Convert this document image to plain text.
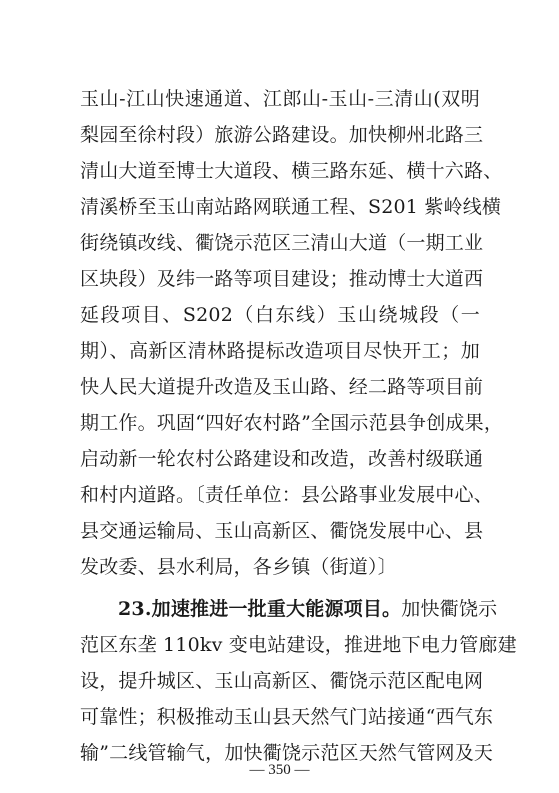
玉山-江山快速通道、江郎山-玉山-三清山(双明
梨园至徐村段）旅游公路建设。加快柳州北路三
清山大道至博士大道段、横三路东延、横十六路、
清溪桥至玉山南站路网联通工程、S201 紫岭线横
街绕镇改线、衢饶示范区三清山大道（一期工业
区块段）及纬一路等项目建设；推动博士大道西
延段项目、S202（白东线）玉山绕城段（一
期）、高新区清林路提标改造项目尽快开工；加
快人民大道提升改造及玉山路、经二路等项目前
期工作。巩固“四好农村路”全国示范县争创成果，
启动新一轮农村公路建设和改造，改善村级联通
和村内道路。〔责任单位：县公路事业发展中心、
县交通运输局、玉山高新区、衢饶发展中心、县
发改委、县水利局，各乡镇（街道）〕
23.加速推进一批重大能源项目。加快衢饶示
范区东垄 110kv 变电站建设，推进地下电力管廊建
设，提升城区、玉山高新区、衢饶示范区配电网
可靠性；积极推动玉山县天然气门站接通“西气东
输”二线管输气，加快衢饶示范区天然气管网及天
— 350 —
